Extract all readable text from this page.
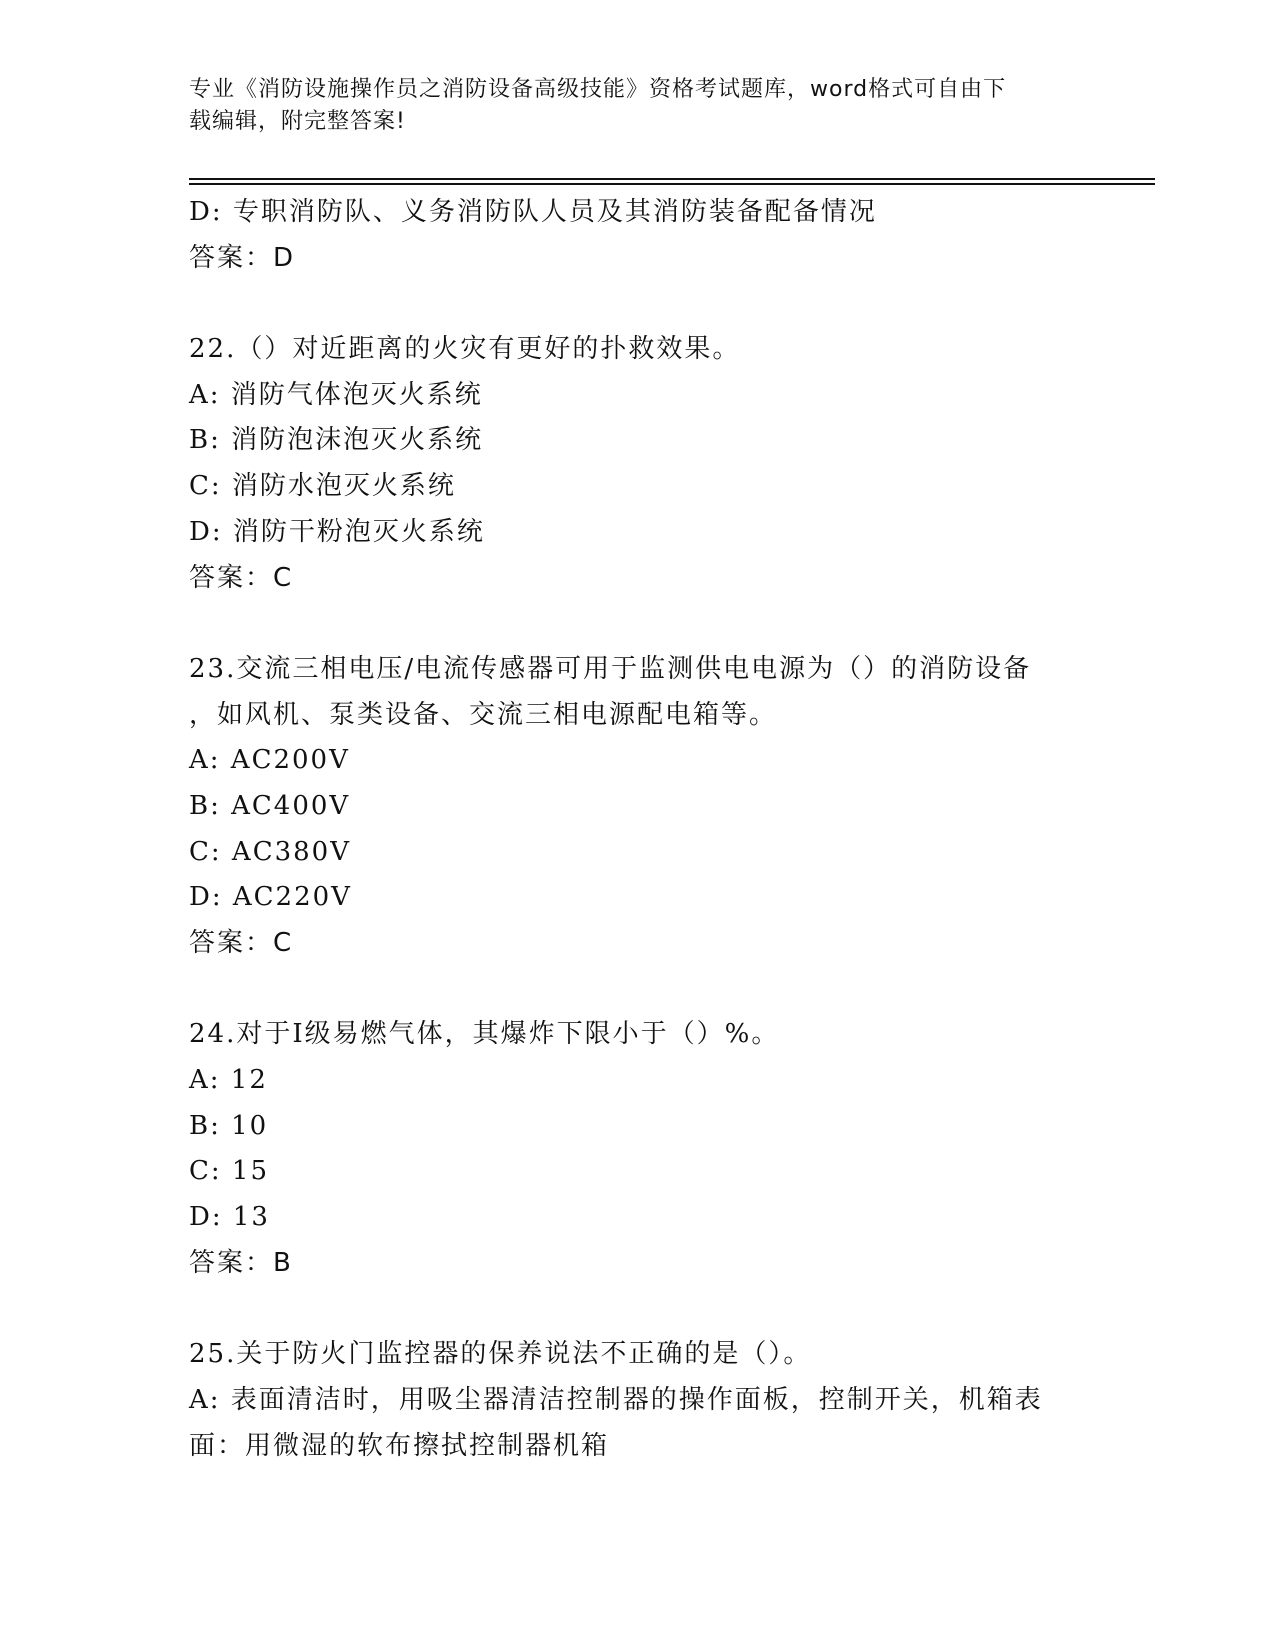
专业《消防设施操作员之消防设备高级技能》资格考试题库，word格式可自由下
载编辑，附完整答案!
D: 专职消防队、义务消防队人员及其消防装备配备情况
答案：D
22.（）对近距离的火灾有更好的扑救效果。
A: 消防气体泡灭火系统
B: 消防泡沫泡灭火系统
C: 消防水泡灭火系统
D: 消防干粉泡灭火系统
答案：C
23.交流三相电压/电流传感器可用于监测供电电源为（）的消防设备
，如风机、泵类设备、交流三相电源配电箱等。
A: AC200V
B: AC400V
C: AC380V
D: AC220V
答案：C
24.对于Ⅰ级易燃气体，其爆炸下限小于（）%。
A: 12
B: 10
C: 15
D: 13
答案：B
25.关于防火门监控器的保养说法不正确的是（）。
A: 表面清洁时，用吸尘器清洁控制器的操作面板，控制开关，机箱表
面：用微湿的软布擦拭控制器机箱
